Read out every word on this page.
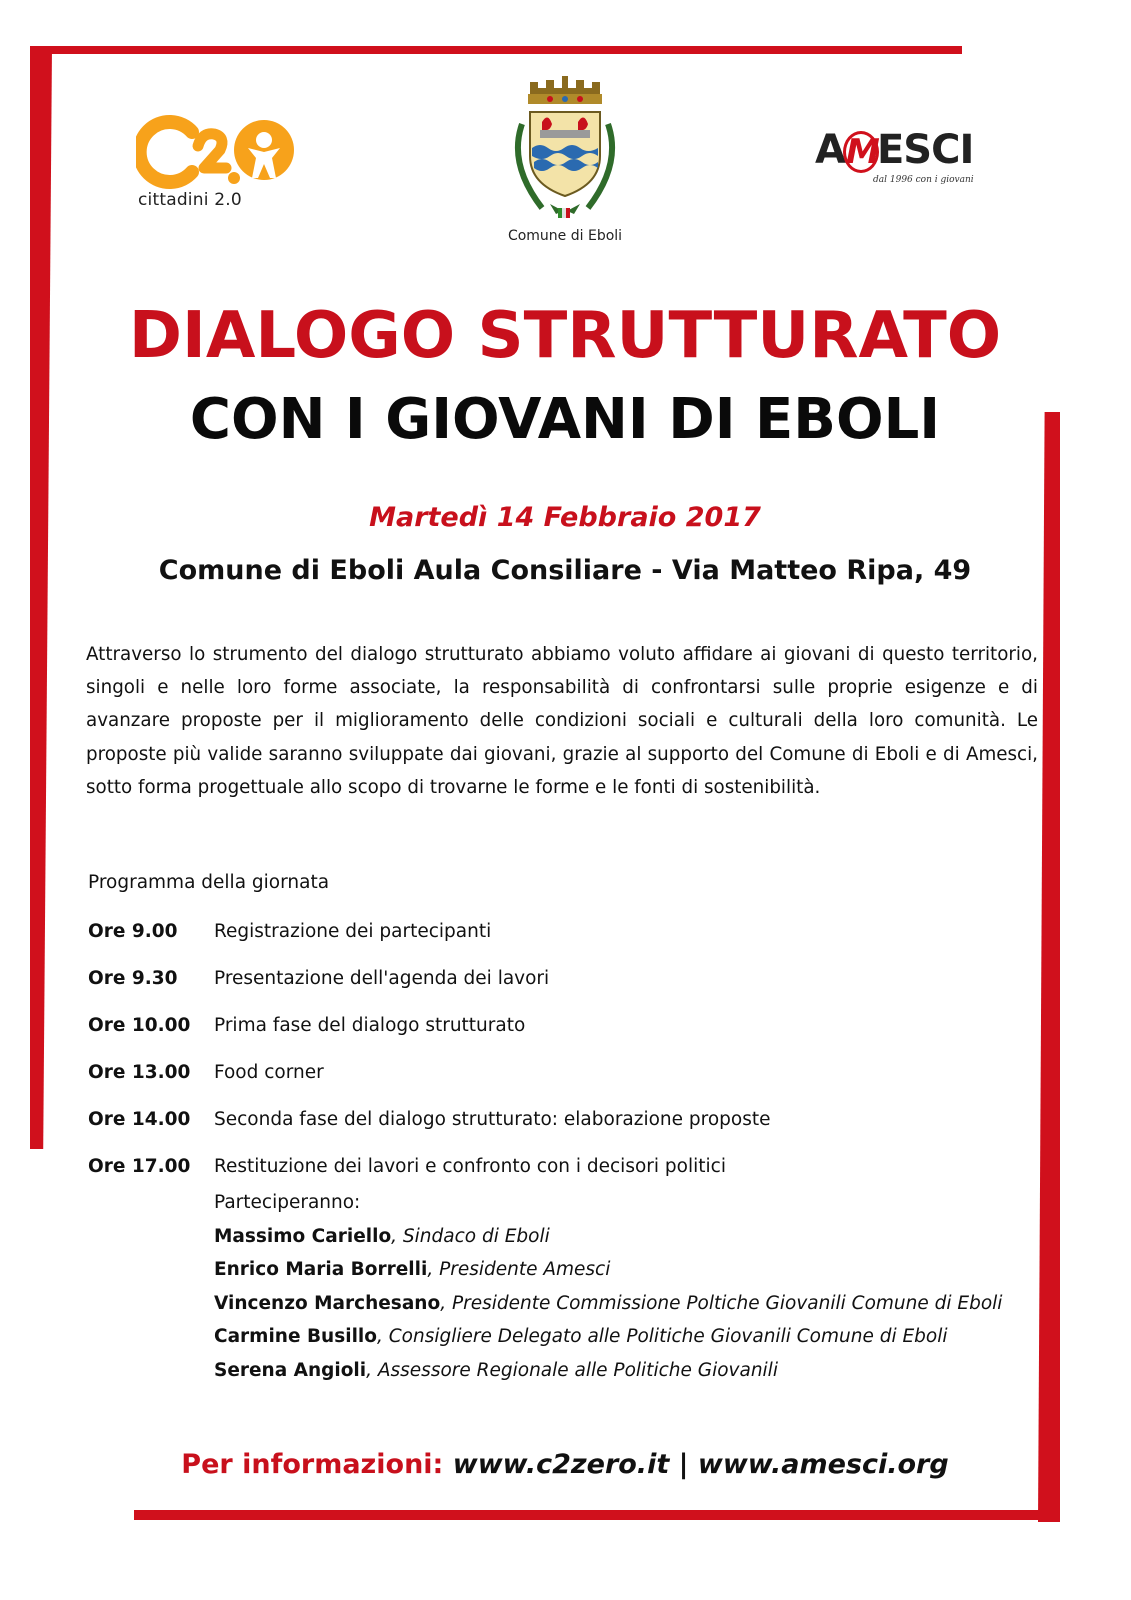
cittadini 2.0
Comune di Eboli
AMESCI
dal 1996 con i giovani
DIALOGO STRUTTURATO
CON I GIOVANI DI EBOLI
Martedì 14 Febbraio 2017
Comune di Eboli Aula Consiliare - Via Matteo Ripa, 49
Attraverso lo strumento del dialogo strutturato abbiamo voluto affidare ai giovani di questo territorio, singoli e nelle loro forme associate, la responsabilità di confrontarsi sulle proprie esigenze e di avanzare proposte per il miglioramento delle condizioni sociali e culturali della loro comunità. Le proposte più valide saranno sviluppate dai giovani, grazie al supporto del Comune di Eboli e di Amesci, sotto forma progettuale allo scopo di trovarne le forme e le fonti di sostenibilità.
Programma della giornata
Ore 9.00 Registrazione dei partecipanti
Ore 9.30 Presentazione dell'agenda dei lavori
Ore 10.00 Prima fase del dialogo strutturato
Ore 13.00 Food corner
Ore 14.00 Seconda fase del dialogo strutturato: elaborazione proposte
Ore 17.00 Restituzione dei lavori e confronto con i decisori politici
Parteciperanno:
Massimo Cariello, Sindaco di Eboli
Enrico Maria Borrelli, Presidente Amesci
Vincenzo Marchesano, Presidente Commissione Poltiche Giovanili Comune di Eboli
Carmine Busillo, Consigliere Delegato alle Politiche Giovanili Comune di Eboli
Serena Angioli, Assessore Regionale alle Politiche Giovanili
Per informazioni: www.c2zero.it | www.amesci.org
